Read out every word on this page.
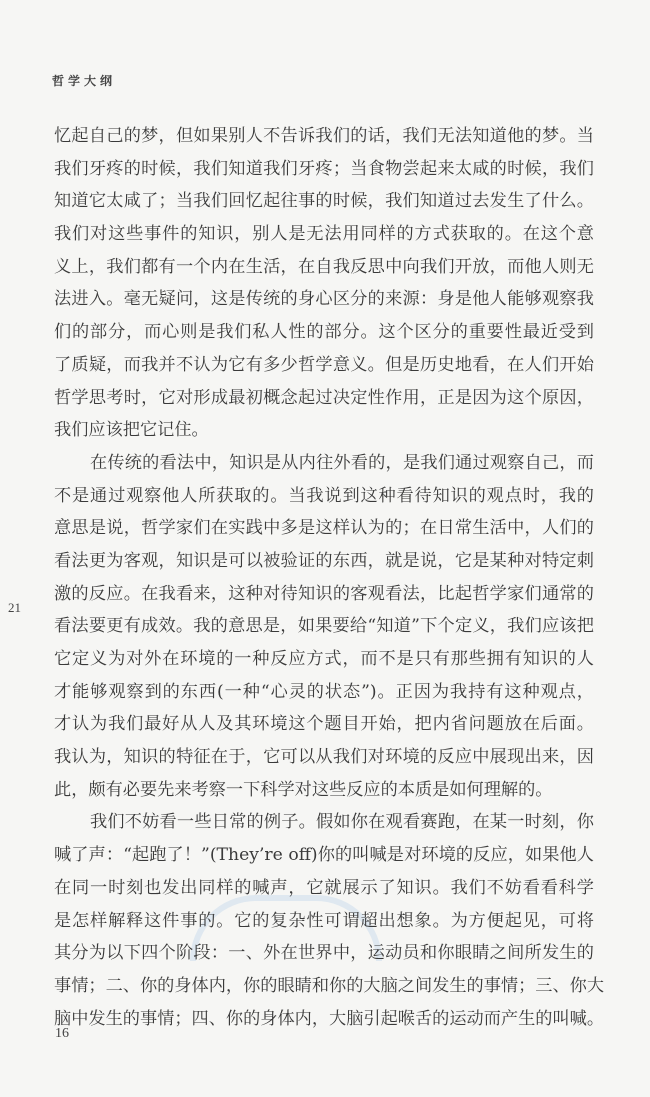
哲学大纲
21
忆起自己的梦，但如果别人不告诉我们的话，我们无法知道他的梦。当
我们牙疼的时候，我们知道我们牙疼；当食物尝起来太咸的时候，我们
知道它太咸了；当我们回忆起往事的时候，我们知道过去发生了什么。
我们对这些事件的知识，别人是无法用同样的方式获取的。在这个意
义上，我们都有一个内在生活，在自我反思中向我们开放，而他人则无
法进入。毫无疑问，这是传统的身心区分的来源：身是他人能够观察我
们的部分，而心则是我们私人性的部分。这个区分的重要性最近受到
了质疑，而我并不认为它有多少哲学意义。但是历史地看，在人们开始
哲学思考时，它对形成最初概念起过决定性作用，正是因为这个原因，
我们应该把它记住。
在传统的看法中，知识是从内往外看的，是我们通过观察自己，而
不是通过观察他人所获取的。当我说到这种看待知识的观点时，我的
意思是说，哲学家们在实践中多是这样认为的；在日常生活中，人们的
看法更为客观，知识是可以被验证的东西，就是说，它是某种对特定刺
激的反应。在我看来，这种对待知识的客观看法，比起哲学家们通常的
看法要更有成效。我的意思是，如果要给“知道”下个定义，我们应该把
它定义为对外在环境的一种反应方式，而不是只有那些拥有知识的人
才能够观察到的东西(一种“心灵的状态”)。正因为我持有这种观点，
才认为我们最好从人及其环境这个题目开始，把内省问题放在后面。
我认为，知识的特征在于，它可以从我们对环境的反应中展现出来，因
此，颇有必要先来考察一下科学对这些反应的本质是如何理解的。
我们不妨看一些日常的例子。假如你在观看赛跑，在某一时刻，你
喊了声：“起跑了！”(They’re off)你的叫喊是对环境的反应，如果他人
在同一时刻也发出同样的喊声，它就展示了知识。我们不妨看看科学
是怎样解释这件事的。它的复杂性可谓超出想象。为方便起见，可将
其分为以下四个阶段：一、外在世界中，运动员和你眼睛之间所发生的
事情；二、你的身体内，你的眼睛和你的大脑之间发生的事情；三、你大
脑中发生的事情；四、你的身体内，大脑引起喉舌的运动而产生的叫喊。
16
